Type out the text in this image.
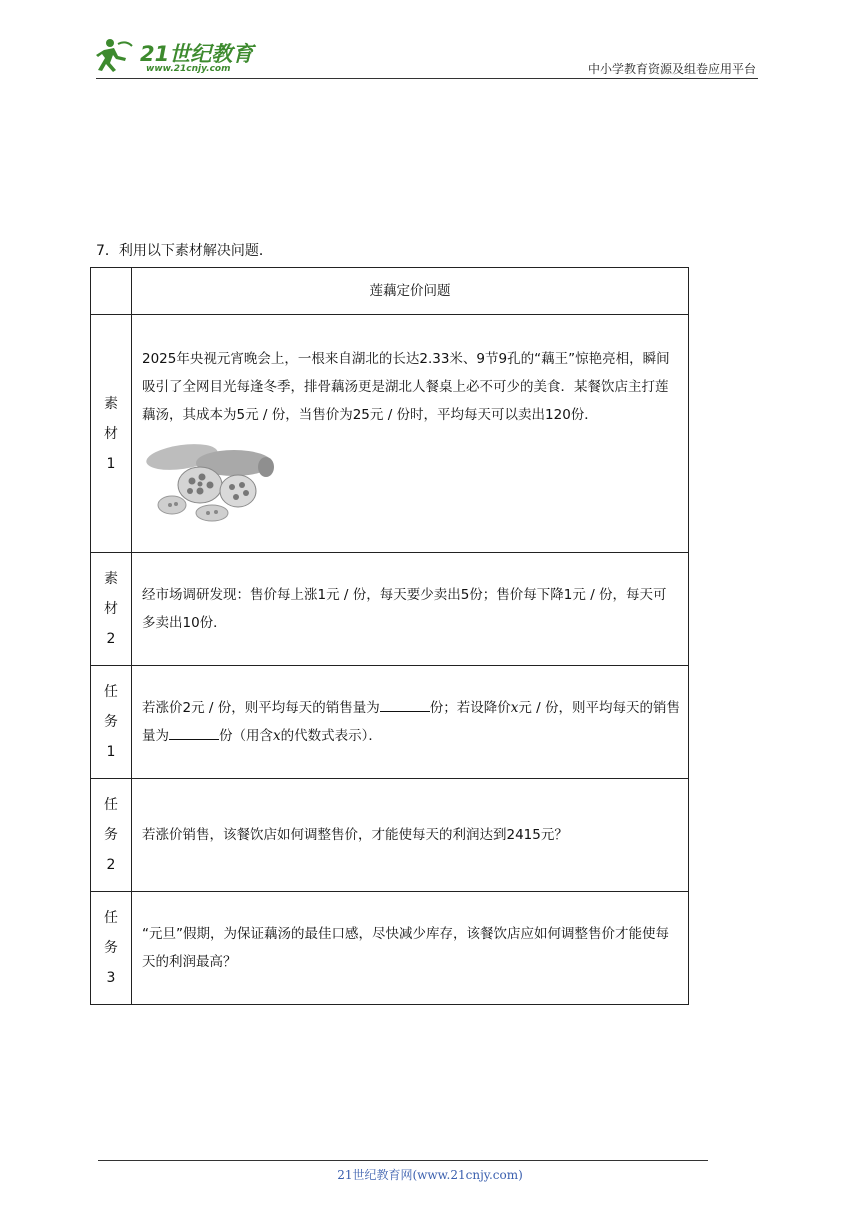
21世纪教育
www.21cnjy.com	中小学教育资源及组卷应用平台
7．利用以下素材解决问题．
	莲藕定价问题

素
材
1	2025年央视元宵晚会上，一根来自湖北的长达2.33米、9节9孔的“藕王”惊艳亮相，瞬间吸引了全网目光每逢冬季，排骨藕汤更是湖北人餐桌上必不可少的美食．某餐饮店主打莲藕汤，其成本为5元 / 份，当售价为25元 / 份时，平均每天可以卖出120份．

素
材
2	经市场调研发现：售价每上涨1元 / 份，每天要少卖出5份；售价每下降1元 / 份，每天可多卖出10份．

任
务
1	若涨价2元 / 份，则平均每天的销售量为 份；若设降价x元 / 份，则平均每天的销售量为 份（用含x的代数式表示）．

任
务
2	若涨价销售，该餐饮店如何调整售价，才能使每天的利润达到2415元？

任
务
3	“元旦”假期，为保证藕汤的最佳口感，尽快减少库存，该餐饮店应如何调整售价才能使每天的利润最高？
21世纪教育网(www.21cnjy.com)
